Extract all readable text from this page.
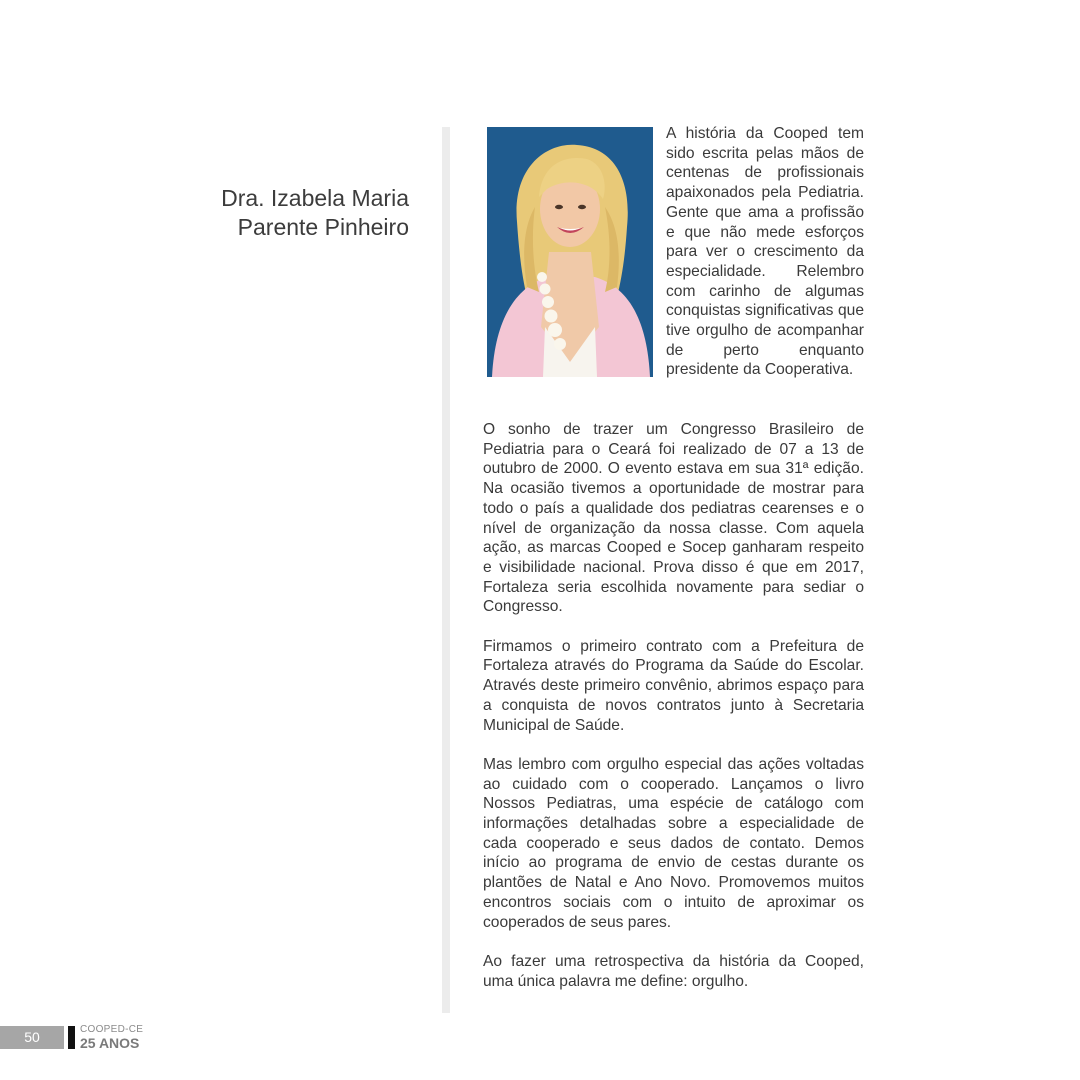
Dra. Izabela Maria
Parente Pinheiro

A história da Cooped tem sido escrita pelas mãos de centenas de profissionais apaixonados pela Pediatria. Gente que ama a profissão e que não mede esforços para ver o crescimento da especialidade. Relembro com carinho de algumas conquistas significativas que tive orgulho de acompanhar de perto enquanto presidente da Cooperativa.

O sonho de trazer um Congresso Brasileiro de Pediatria para o Ceará foi realizado de 07 a 13 de outubro de 2000. O evento estava em sua 31ª edição. Na ocasião tivemos a oportunidade de mostrar para todo o país a qualidade dos pediatras cearenses e o nível de organização da nossa classe. Com aquela ação, as marcas Cooped e Socep ganharam respeito e visibilidade nacional. Prova disso é que em 2017, Fortaleza seria escolhida novamente para sediar o Congresso.

Firmamos o primeiro contrato com a Prefeitura de Fortaleza através do Programa da Saúde do Escolar. Através deste primeiro convênio, abrimos espaço para a conquista de novos contratos junto à Secretaria Municipal de Saúde.

Mas lembro com orgulho especial das ações voltadas ao cuidado com o cooperado. Lançamos o livro Nossos Pediatras, uma espécie de catálogo com informações detalhadas sobre a especialidade de cada cooperado e seus dados de contato. Demos início ao programa de envio de cestas durante os plantões de Natal e Ano Novo. Promovemos muitos encontros sociais com o intuito de aproximar os cooperados de seus pares.

Ao fazer uma retrospectiva da história da Cooped, uma única palavra me define: orgulho.

50	COOPED-CE
25 ANOS
